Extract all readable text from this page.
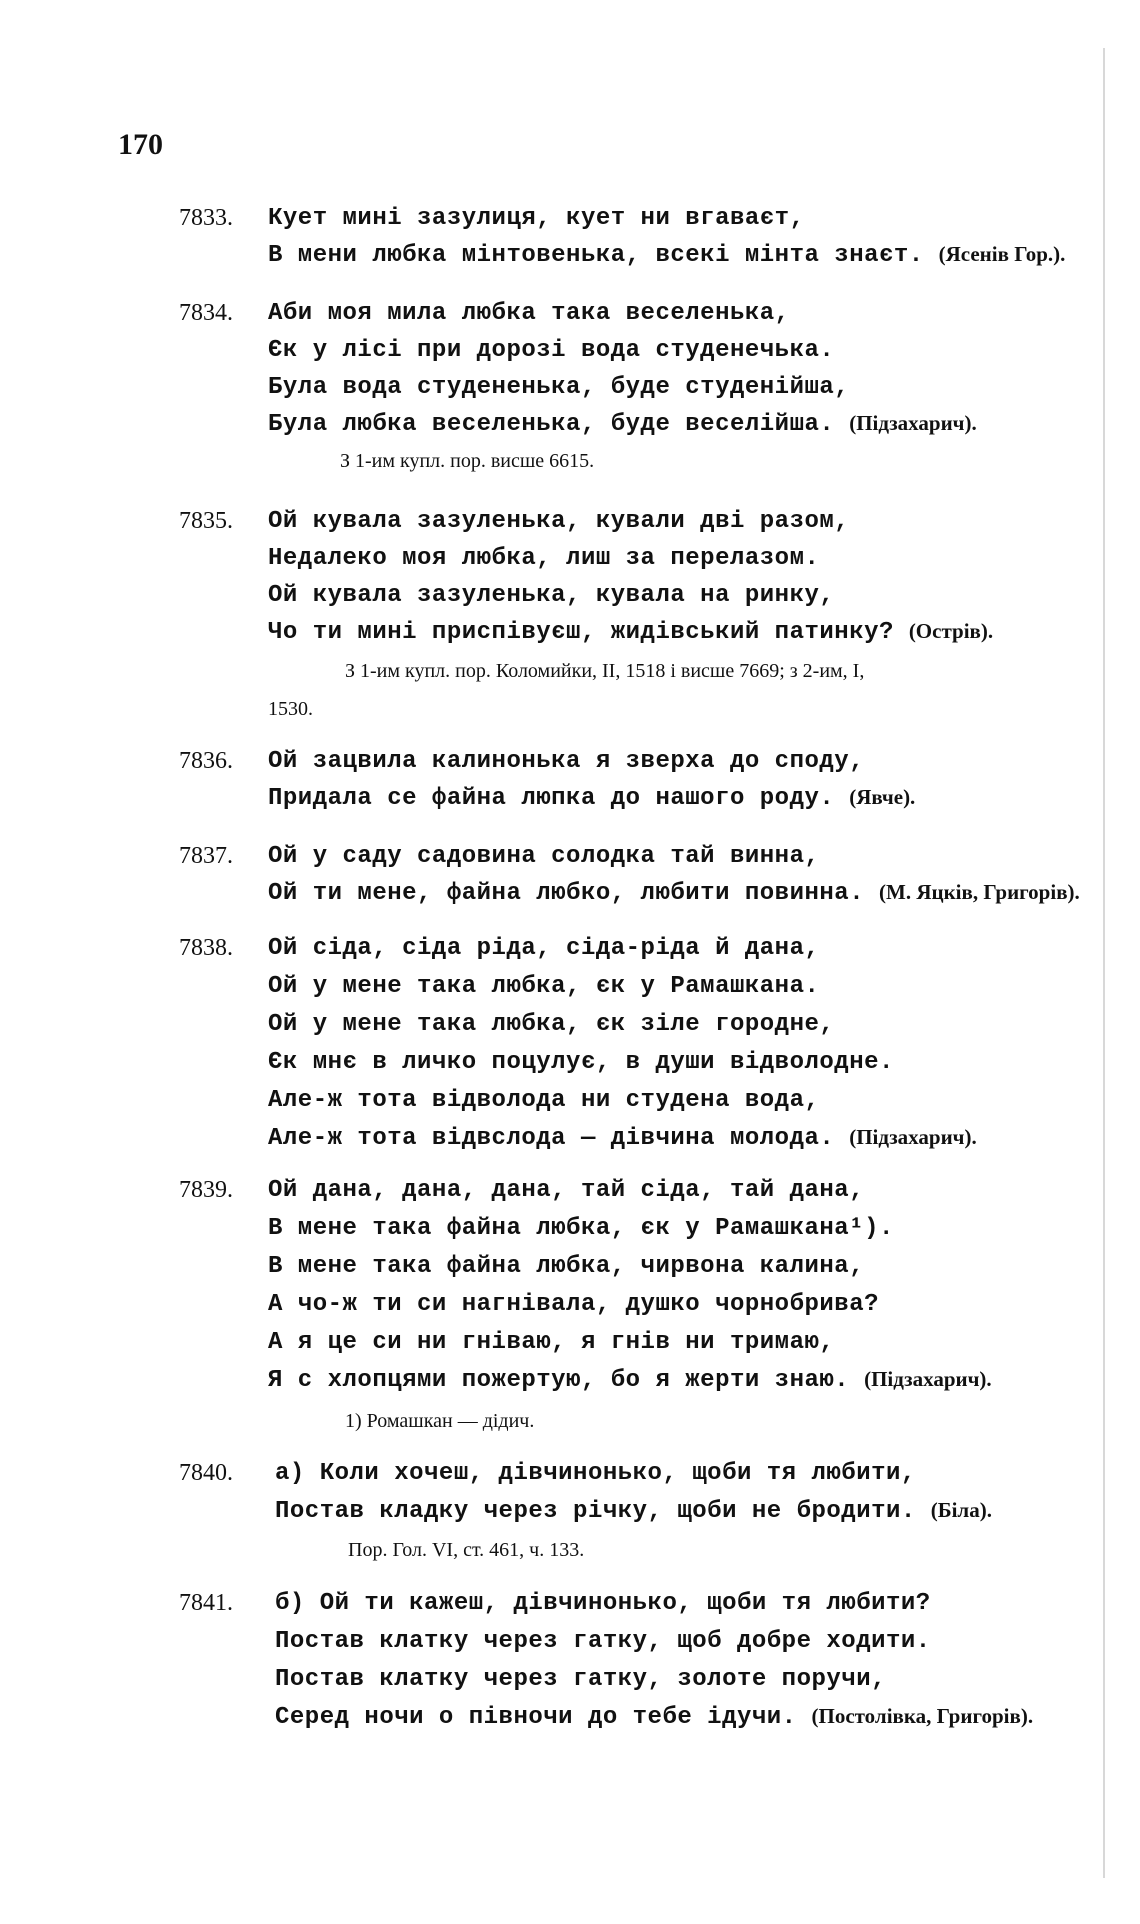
170
7833. Кует мині зазулиця, кует ни вгаваєт,
В мени любка мінтовенька, всекі мінта знаєт. (Ясенів Гор.).
7834. Аби моя мила любка така веселенька,
Єк у лісі при дорозі вода студенечька.
Була вода студененька, буде студенійша,
Була любка веселенька, буде веселійша. (Підзахарич).
З 1-им купл. пор. висше 6615.
7835. Ой кувала зазуленька, кували дві разом,
Недалеко моя любка, лиш за перелазом.
Ой кувала зазуленька, кувала на ринку,
Чо ти мині приспівуєш, жидівський патинку? (Острів).
З 1-им купл. пор. Коломийки, II, 1518 і висше 7669; з 2-им, I,
1530.
7836. Ой зацвила калинонька я зверха до споду,
Придала се файна люпка до нашого роду. (Явче).
7837. Ой у саду садовина солодка тай винна,
Ой ти мене, файна любко, любити повинна. (М. Яцків, Григорів).
7838. Ой сіда, сіда ріда, сіда-ріда й дана,
Ой у мене така любка, єк у Рамашкана.
Ой у мене така любка, єк зіле городне,
Єк мнє в личко поцулує, в души відволодне.
Але-ж тота відволода ни студена вода,
Але-ж тота відвслода — дівчина молода. (Підзахарич).
7839. Ой дана, дана, дана, тай сіда, тай дана,
В мене така файна любка, єк у Рамашкана¹).
В мене така файна любка, чирвона калина,
А чо-ж ти си нагнівала, душко чорнобрива?
А я це си ни гніваю, я гнів ни тримаю,
Я с хлопцями пожертую, бо я жерти знаю. (Підзахарич).
1) Ромашкан — дідич.
7840. а) Коли хочеш, дівчинонько, щоби тя любити,
Постав кладку через річку, щоби не бродити. (Біла).
Пор. Гол. VI, ст. 461, ч. 133.
7841. б) Ой ти кажеш, дівчинонько, щоби тя любити?
Постав клатку через гатку, щоб добре ходити.
Постав клатку через гатку, золоте поручи,
Серед ночи о півночи до тебе ідучи. (Постолівка, Григорів).
